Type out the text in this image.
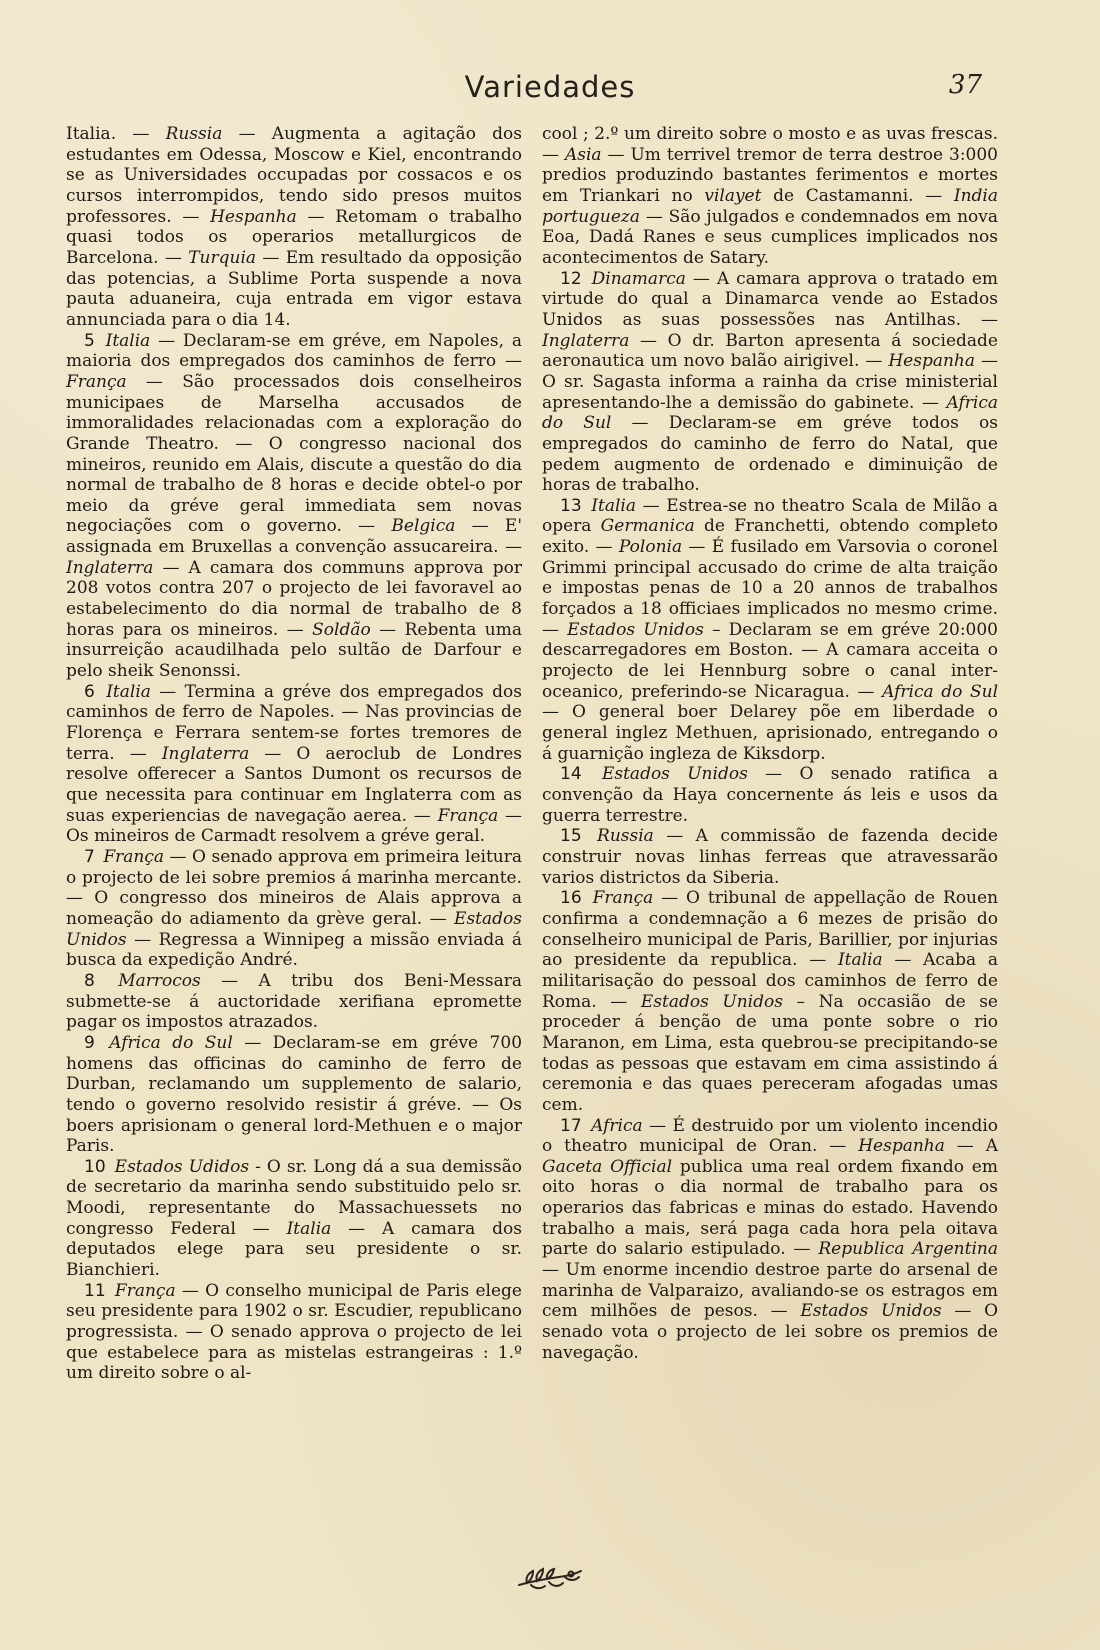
Variedades	37

Italia. — Russia — Augmenta a agitação dos estudantes em Odessa, Moscow e Kiel, encontrando se as Universidades occupadas por cossacos e os cursos interrompidos, tendo sido presos muitos professores. — Hespanha — Retomam o trabalho quasi todos os operarios metallurgicos de Barcelona. — Turquia — Em resultado da opposição das potencias, a Sublime Porta suspende a nova pauta aduaneira, cuja entrada em vigor estava annunciada para o dia 14.

5 Italia — Declaram-se em gréve, em Napoles, a maioria dos empregados dos caminhos de ferro — França — São processados dois conselheiros municipaes de Marselha accusados de immoralidades relacionadas com a exploração do Grande Theatro. — O congresso nacional dos mineiros, reunido em Alais, discute a questão do dia normal de trabalho de 8 horas e decide obtel-o por meio da gréve geral immediata sem novas negociações com o governo. — Belgica — E' assignada em Bruxellas a convenção assucareira. — Inglaterra — A camara dos communs approva por 208 votos contra 207 o projecto de lei favoravel ao estabelecimento do dia normal de trabalho de 8 horas para os mineiros. — Soldão — Rebenta uma insurreição acaudilhada pelo sultão de Darfour e pelo sheik Senonssi.

6 Italia — Termina a gréve dos empregados dos caminhos de ferro de Napoles. — Nas provincias de Florença e Ferrara sentem-se fortes tremores de terra. — Inglaterra — O aeroclub de Londres resolve offerecer a Santos Dumont os recursos de que necessita para continuar em Inglaterra com as suas experiencias de navegação aerea. — França — Os mineiros de Carmadt resolvem a gréve geral.

7 França — O senado approva em primeira leitura o projecto de lei sobre premios á marinha mercante. — O congresso dos mineiros de Alais approva a nomeação do adiamento da grève geral. — Estados Unidos — Regressa a Winnipeg a missão enviada á busca da expedição André.

8 Marrocos — A tribu dos Beni-Messara submette-se á auctoridade xerifiana epromette pagar os impostos atrazados.

9 Africa do Sul — Declaram-se em gréve 700 homens das officinas do caminho de ferro de Durban, reclamando um supplemento de salario, tendo o governo resolvido resistir á gréve. — Os boers aprisionam o general lord-Methuen e o major Paris.

10 Estados Udidos - O sr. Long dá a sua demissão de secretario da marinha sendo substituido pelo sr. Moodi, representante do Massachuessets no congresso Federal — Italia — A camara dos deputados elege para seu presidente o sr. Bianchieri.

11 França — O conselho municipal de Paris elege seu presidente para 1902 o sr. Escudier, republicano progressista. — O senado approva o projecto de lei que estabelece para as mistelas estrangeiras : 1.º um direito sobre o al-

cool ; 2.º um direito sobre o mosto e as uvas frescas. — Asia — Um terrivel tremor de terra destroe 3:000 predios produzindo bastantes ferimentos e mortes em Triankari no vilayet de Castamanni. — India portugueza — São julgados e condemnados em nova Eoa, Dadá Ranes e seus cumplices implicados nos acontecimentos de Satary.

12 Dinamarca — A camara approva o tratado em virtude do qual a Dinamarca vende ao Estados Unidos as suas possessões nas Antilhas. — Inglaterra — O dr. Barton apresenta á sociedade aeronautica um novo balão airigivel. — Hespanha — O sr. Sagasta informa a rainha da crise ministerial apresentando-lhe a demissão do gabinete. — Africa do Sul — Declaram-se em gréve todos os empregados do caminho de ferro do Natal, que pedem augmento de ordenado e diminuição de horas de trabalho.

13 Italia — Estrea-se no theatro Scala de Milão a opera Germanica de Franchetti, obtendo completo exito. — Polonia — É fusilado em Varsovia o coronel Grimmi principal accusado do crime de alta traição e impostas penas de 10 a 20 annos de trabalhos forçados a 18 officiaes implicados no mesmo crime. — Estados Unidos – Declaram se em gréve 20:000 descarregadores em Boston. — A camara acceita o projecto de lei Hennburg sobre o canal inter-oceanico, preferindo-se Nicaragua. — Africa do Sul — O general boer Delarey põe em liberdade o general inglez Methuen, aprisionado, entregando o á guarnição ingleza de Kiksdorp.

14 Estados Unidos — O senado ratifica a convenção da Haya concernente ás leis e usos da guerra terrestre.

15 Russia — A commissão de fazenda decide construir novas linhas ferreas que atravessarão varios districtos da Siberia.

16 França — O tribunal de appellação de Rouen confirma a condemnação a 6 mezes de prisão do conselheiro municipal de Paris, Barillier, por injurias ao presidente da republica. — Italia — Acaba a militarisação do pessoal dos caminhos de ferro de Roma. — Estados Unidos – Na occasião de se proceder á benção de uma ponte sobre o rio Maranon, em Lima, esta quebrou-se precipitando-se todas as pessoas que estavam em cima assistindo á ceremonia e das quaes pereceram afogadas umas cem.

17 Africa — É destruido por um violento incendio o theatro municipal de Oran. — Hespanha — A Gaceta Official publica uma real ordem fixando em oito horas o dia normal de trabalho para os operarios das fabricas e minas do estado. Havendo trabalho a mais, será paga cada hora pela oitava parte do salario estipulado. — Republica Argentina — Um enorme incendio destroe parte do arsenal de marinha de Valparaizo, avaliando-se os estragos em cem milhões de pesos. — Estados Unidos — O senado vota o projecto de lei sobre os premios de navegação.
